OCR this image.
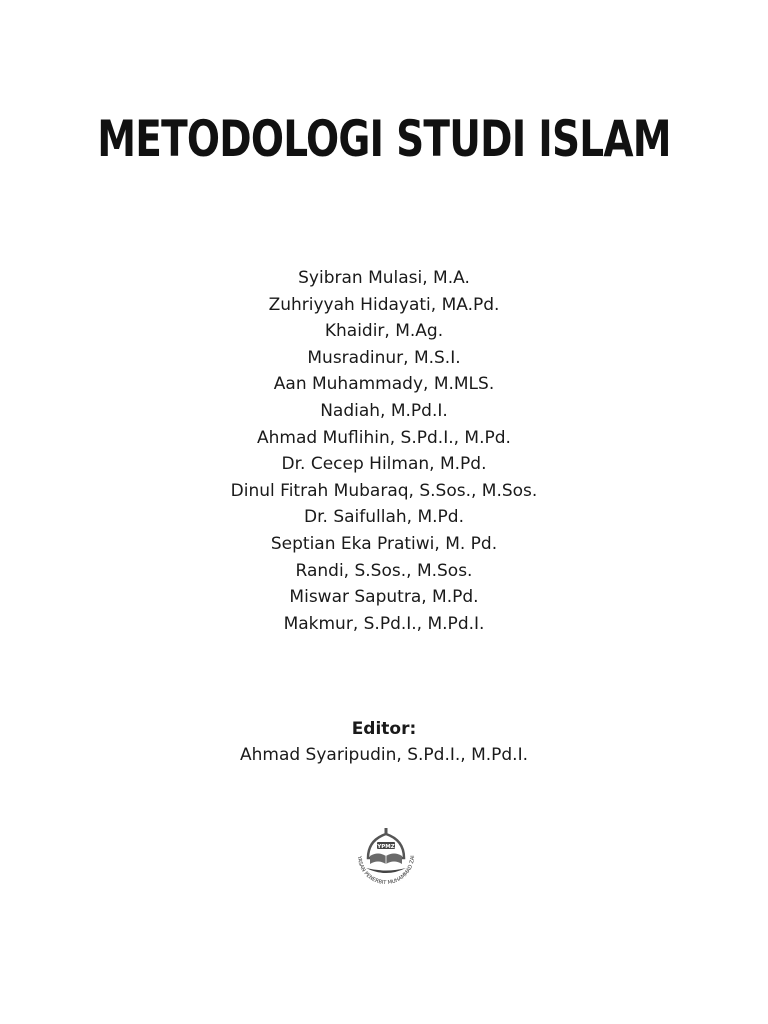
METODOLOGI STUDI ISLAM
Syibran Mulasi, M.A.
Zuhriyyah Hidayati, MA.Pd.
Khaidir, M.Ag.
Musradinur, M.S.I.
Aan Muhammady, M.MLS.
Nadiah, M.Pd.I.
Ahmad Muflihin, S.Pd.I., M.Pd.
Dr. Cecep Hilman, M.Pd.
Dinul Fitrah Mubaraq, S.Sos., M.Sos.
Dr. Saifullah, M.Pd.
Septian Eka Pratiwi, M. Pd.
Randi, S.Sos., M.Sos.
Miswar Saputra, M.Pd.
Makmur, S.Pd.I., M.Pd.I.
Editor:
Ahmad Syaripudin, S.Pd.I., M.Pd.I.
YPMZ
YASAN PENERBIT MUHAMMAD ZAI
